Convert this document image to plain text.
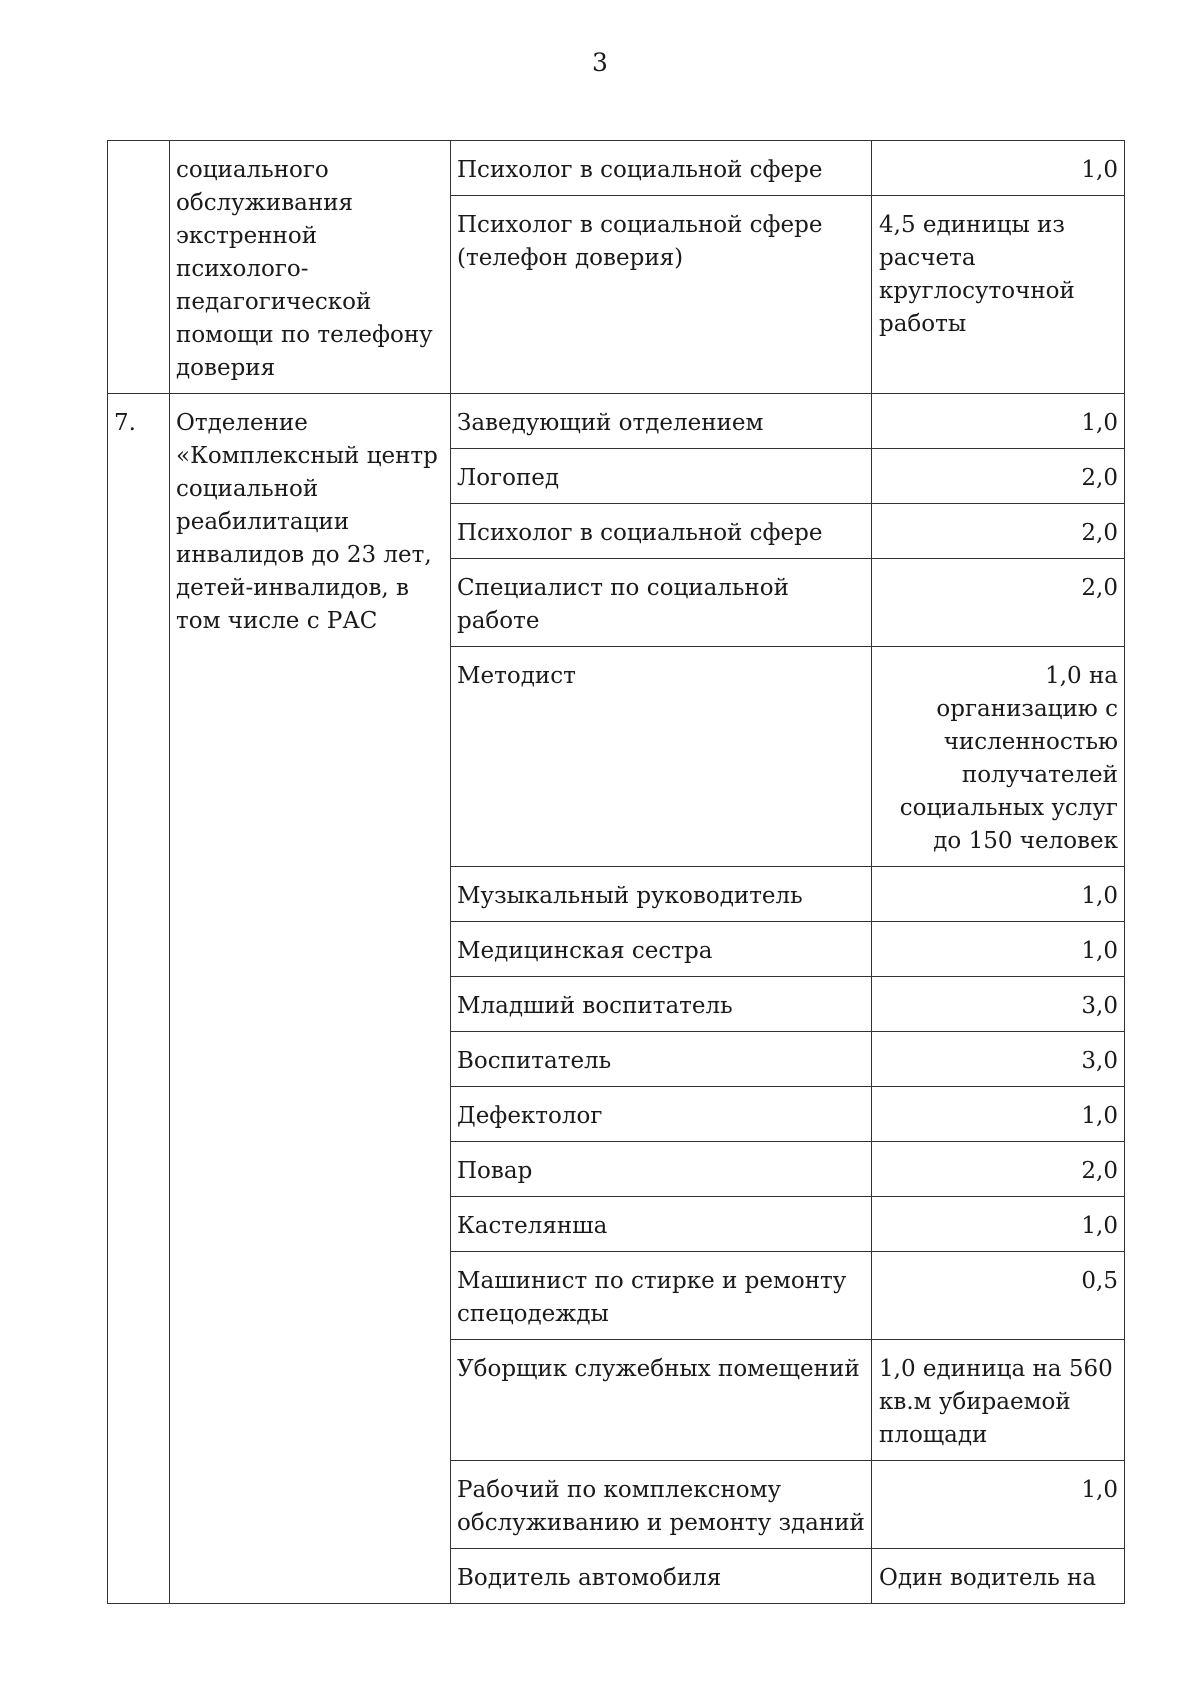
3
	социального обслуживания экстренной психолого-педагогической помощи по телефону доверия	Психолог в социальной сфере	1,0
		Психолог в социальной сфере (телефон доверия)	4,5 единицы из расчета круглосуточной работы
7.	Отделение «Комплексный центр социальной реабилитации инвалидов до 23 лет, детей-инвалидов, в том числе с РАС	Заведующий отделением	1,0
		Логопед	2,0
		Психолог в социальной сфере	2,0
		Специалист по социальной работе	2,0
		Методист	1,0 на организацию с численностью получателей социальных услуг до 150 человек
		Музыкальный руководитель	1,0
		Медицинская сестра	1,0
		Младший воспитатель	3,0
		Воспитатель	3,0
		Дефектолог	1,0
		Повар	2,0
		Кастелянша	1,0
		Машинист по стирке и ремонту спецодежды	0,5
		Уборщик служебных помещений	1,0 единица на 560 кв.м убираемой площади
		Рабочий по комплексному обслуживанию и ремонту зданий	1,0
		Водитель автомобиля	Один водитель на
